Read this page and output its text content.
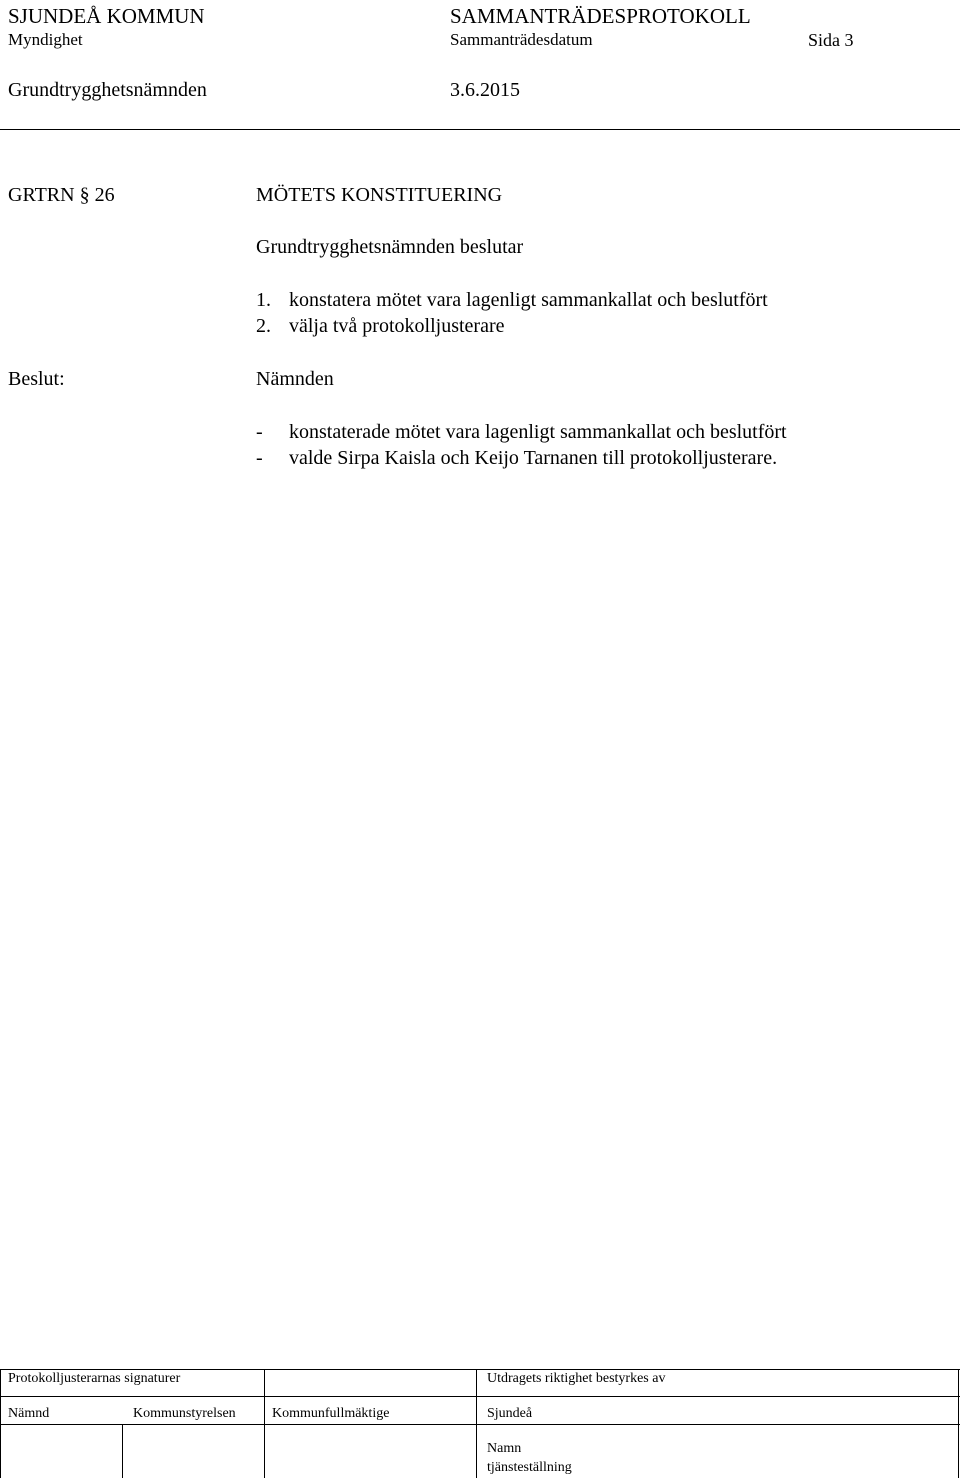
SJUNDEÅ KOMMUN	SAMMANTRÄDESPROTOKOLL
Myndighet	Sammanträdesdatum	Sida 3
Grundtrygghetsnämnden	3.6.2015
GRTRN § 26	MÖTETS KONSTITUERING
Grundtrygghetsnämnden beslutar
1. konstatera mötet vara lagenligt sammankallat och beslutfört
2. välja två protokolljusterare
Beslut:	Nämnden
- konstaterade mötet vara lagenligt sammankallat och beslutfört
- valde Sirpa Kaisla och Keijo Tarnanen till protokolljusterare.
Protokolljusterarnas signaturer	Utdragets riktighet bestyrkes av
Nämnd	Kommunstyrelsen	Kommunfullmäktige	Sjundeå
Namn
tjänsteställning
